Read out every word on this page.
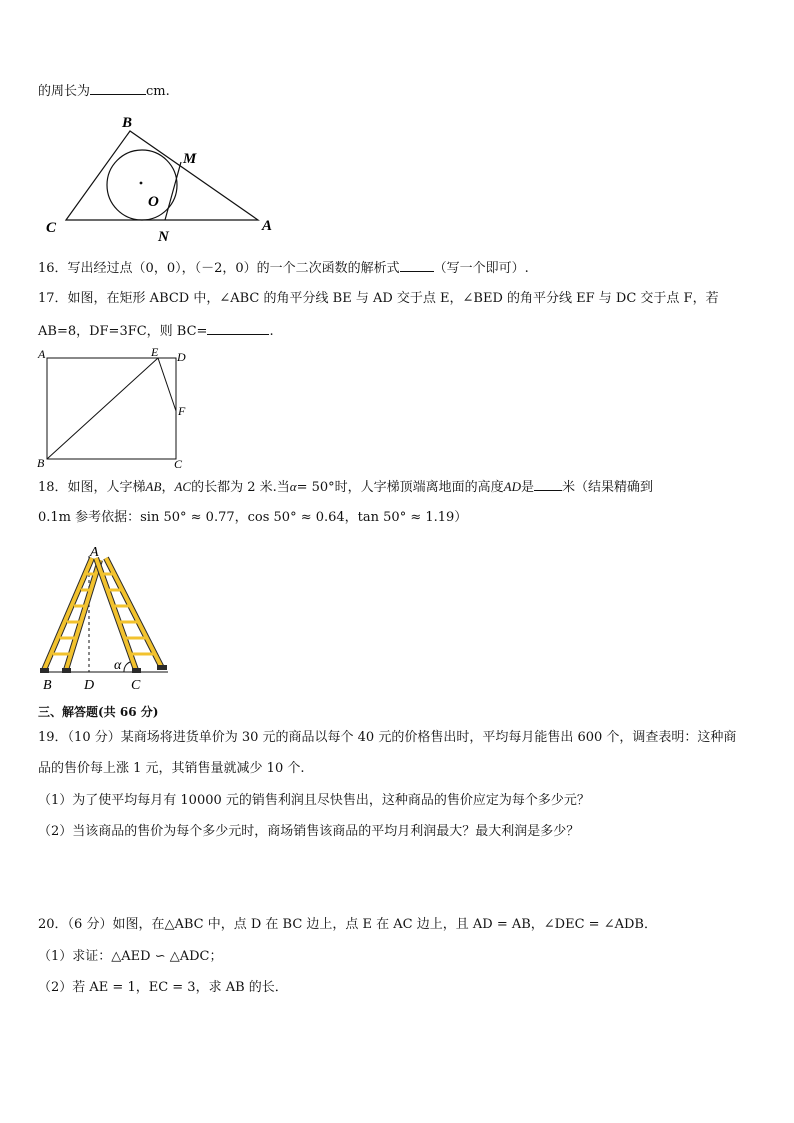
的周长为	cm.
B
M
O
C
N
A
16．写出经过点（0，0），（－2，0）的一个二次函数的解析式	（写一个即可）.
17．如图，在矩形 ABCD 中，∠ABC 的角平分线 BE 与 AD 交于点 E，∠BED 的角平分线 EF 与 DC 交于点 F，若
AB=8，DF=3FC，则 BC=	.
A	E D
F
B	C
18．如图，人字梯AB，AC的长都为 2 米.当α= 50°时，人字梯顶端离地面的高度AD是 米（结果精确到
0.1m 参考依据：sin 50° ≈ 0.77，cos 50° ≈ 0.64，tan 50° ≈ 1.19）
A
α
B D	C
三、解答题(共 66 分)
19．（10 分）某商场将进货单价为 30 元的商品以每个 40 元的价格售出时，平均每月能售出 600 个，调查表明：这种商
品的售价每上涨 1 元，其销售量就减少 10 个.
（1）为了使平均每月有 10000 元的销售利润且尽快售出，这种商品的售价应定为每个多少元？
（2）当该商品的售价为每个多少元时，商场销售该商品的平均月利润最大？最大利润是多少？
20．（6 分）如图，在△ABC 中，点 D 在 BC 边上，点 E 在 AC 边上，且 AD = AB，∠DEC = ∠ADB．
（1）求证：△AED ∽ △ADC；
（2）若 AE = 1，EC = 3，求 AB 的长．
